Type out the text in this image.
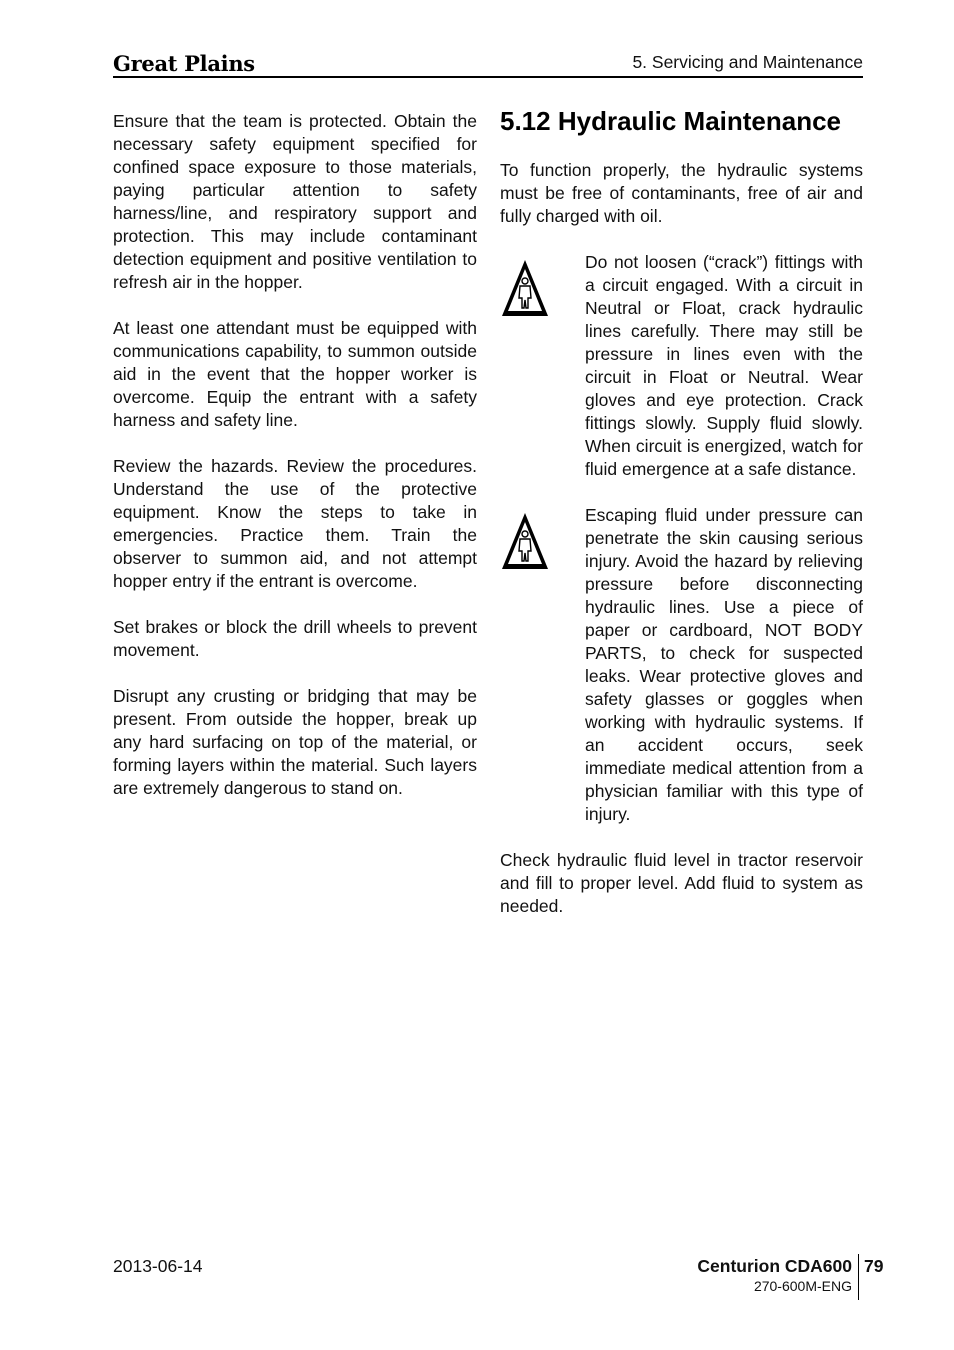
Great Plains	5. Servicing and Maintenance

Ensure that the team is protected. Obtain the necessary safety equipment specified for confined space exposure to those materials, paying particular attention to safety harness/line, and respiratory support and protection. This may include contaminant detection equipment and positive ventilation to refresh air in the hopper.

At least one attendant must be equipped with communications capability, to summon outside aid in the event that the hopper worker is overcome. Equip the entrant with a safety harness and safety line.

Review the hazards. Review the procedures. Understand the use of the protective equipment. Know the steps to take in emergencies. Practice them. Train the observer to summon aid, and not attempt hopper entry if the entrant is overcome.

Set brakes or block the drill wheels to prevent movement.

Disrupt any crusting or bridging that may be present. From outside the hopper, break up any hard surfacing on top of the material, or forming layers within the material. Such layers are extremely dangerous to stand on.

5.12 Hydraulic Maintenance

To function properly, the hydraulic systems must be free of contaminants, free of air and fully charged with oil.

Do not loosen (“crack”) fittings with a circuit engaged. With a circuit in Neutral or Float, crack hydraulic lines carefully. There may still be pressure in lines even with the circuit in Float or Neutral. Wear gloves and eye protection. Crack fittings slowly. Supply fluid slowly. When circuit is energized, watch for fluid emergence at a safe distance.

Escaping fluid under pressure can penetrate the skin causing serious injury. Avoid the hazard by relieving pressure before disconnecting hydraulic lines. Use a piece of paper or cardboard, NOT BODY PARTS, to check for suspected leaks. Wear protective gloves and safety glasses or goggles when working with hydraulic systems. If an accident occurs, seek immediate medical attention from a physician familiar with this type of injury.

Check hydraulic fluid level in tractor reservoir and fill to proper level. Add fluid to system as needed.

2013-06-14	Centurion CDA600
270-600M-ENG
79
